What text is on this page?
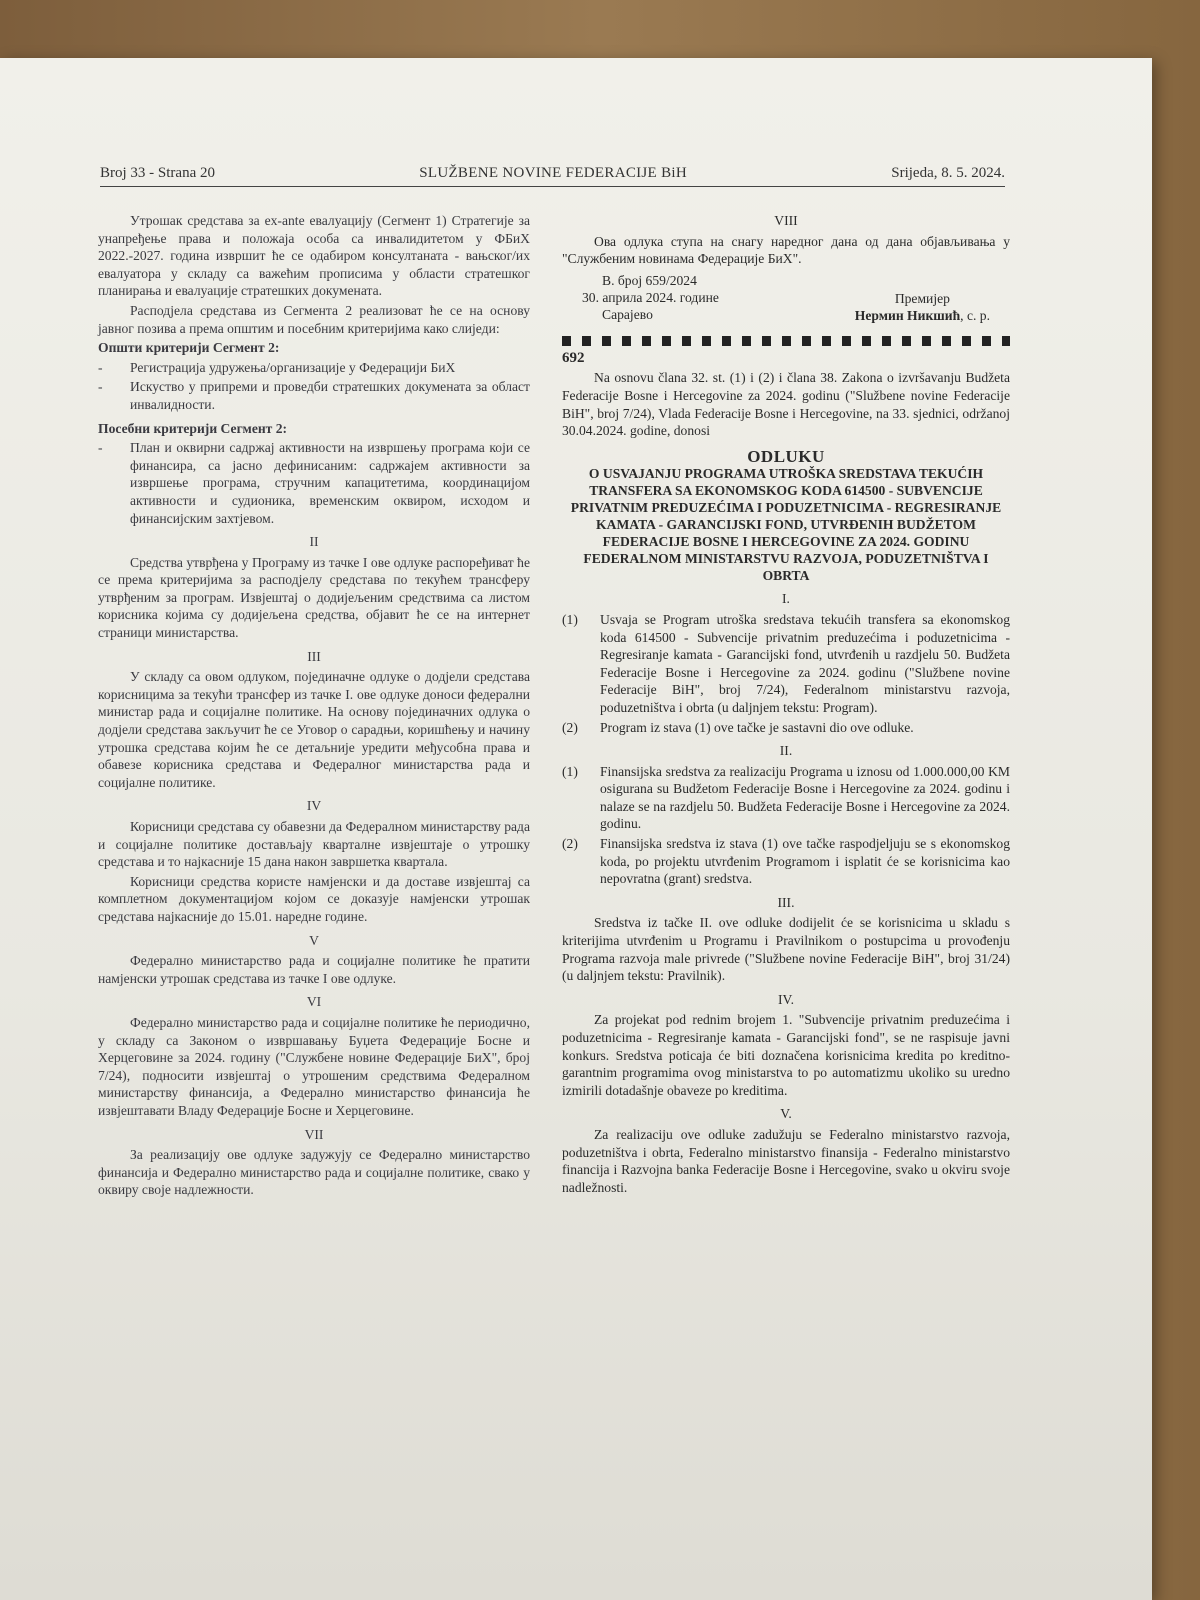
Broj 33 - Strana 20	SLUŽBENE NOVINE FEDERACIJE BiH	Srijeda, 8. 5. 2024.

Утрошак средстава за ex-ante евалуацију (Сегмент 1) Стратегије за унапређење права и положаја особа са инвалидитетом у ФБиХ 2022.-2027. година извршит ће се одабиром консултаната - вањског/их евалуатора у складу са важећим прописима у области стратешког планирања и евалуације стратешких докумената.

Расподјела средстава из Сегмента 2 реализоват ће се на основу јавног позива а према општим и посебним критеријима како слиједи:

Општи критерији Сегмент 2:

-	Регистрација удружења/организације у Федерацији БиХ
-	Искуство у припреми и проведби стратешких докумената за област инвалидности.

Посебни критерији Сегмент 2:

-	План и оквирни садржај активности на извршењу програма који се финансира, са јасно дефинисаним: садржајем активности за извршење програма, стручним капацитетима, координацијом активности и судионика, временским оквиром, исходом и финансијским захтјевом.
II

Средства утврђена у Програму из тачке I ове одлуке распоређиват ће се према критеријима за расподјелу средстава по текућем трансферу утврђеним за програм. Извјештај о додијељеним средствима са листом корисника којима су додијељена средства, објавит ће се на интернет страници министарства.

III

У складу са овом одлуком, појединачне одлуке о додјели средстава корисницима за текући трансфер из тачке I. ове одлуке доноси федерални министар рада и социјалне политике. На основу појединачних одлука о додјели средстава закључит ће се Уговор о сарадњи, коришћењу и начину утрошка средстава којим ће се детаљније уредити међусобна права и обавезе корисника средстава и Федералног министарства рада и социјалне политике.

IV

Корисници средстава су обавезни да Федералном министарству рада и социјалне политике достављају кварталне извјештаје о утрошку средстава и то најкасније 15 дана након завршетка квартала.

Корисници средства користе намјенски и да доставе извјештај са комплетном документацијом којом се доказује намјенски утрошак средстава најкасније до 15.01. наредне године.

V

Федерално министарство рада и социјалне политике ће пратити намјенски утрошак средстава из тачке I ове одлуке.

VI

Федерално министарство рада и социјалне политике ће периодично, у складу са Законом о извршавању Буџета Федерације Босне и Херцеговине за 2024. годину ("Службене новине Федерације БиХ", број 7/24), подносити извјештај о утрошеним средствима Федералном министарству финансија, а Федерално министарство финансија ће извјештавати Владу Федерације Босне и Херцеговине.

VII

За реализацију ове одлуке задужују се Федерално министарство финансија и Федерално министарство рада и социјалне политике, свако у оквиру своје надлежности.

VIII

Ова одлука ступа на снагу наредног дана од дана објављивања у "Службеним новинама Федерације БиХ".

В. број 659/2024
30. априла 2024. године
Сарајево
Премијер
Нермин Никшић, с. р.
692

Na osnovu člana 32. st. (1) i (2) i člana 38. Zakona o izvršavanju Budžeta Federacije Bosne i Hercegovine za 2024. godinu ("Službene novine Federacije BiH", broj 7/24), Vlada Federacije Bosne i Hercegovine, na 33. sjednici, održanoj 30.04.2024. godine, donosi

ODLUKU
O USVAJANJU PROGRAMA UTROŠKA SREDSTAVA TEKUĆIH TRANSFERA SA EKONOMSKOG KODA 614500 - SUBVENCIJE PRIVATNIM PREDUZEĆIMA I PODUZETNICIMA - REGRESIRANJE KAMATA - GARANCIJSKI FOND, UTVRĐENIH BUDŽETOM FEDERACIJE BOSNE I HERCEGOVINE ZA 2024. GODINU FEDERALNOM MINISTARSTVU RAZVOJA, PODUZETNIŠTVA I OBRTA
I.
(1)	Usvaja se Program utroška sredstava tekućih transfera sa ekonomskog koda 614500 - Subvencije privatnim preduzećima i poduzetnicima - Regresiranje kamata - Garancijski fond, utvrđenih u razdjelu 50. Budžeta Federacije Bosne i Hercegovine za 2024. godinu ("Službene novine Federacije BiH", broj 7/24), Federalnom ministarstvu razvoja, poduzetništva i obrta (u daljnjem tekstu: Program).
(2)	Program iz stava (1) ove tačke je sastavni dio ove odluke.
II.
(1)	Finansijska sredstva za realizaciju Programa u iznosu od 1.000.000,00 KM osigurana su Budžetom Federacije Bosne i Hercegovine za 2024. godinu i nalaze se na razdjelu 50. Budžeta Federacije Bosne i Hercegovine za 2024. godinu.
(2)	Finansijska sredstva iz stava (1) ove tačke raspodjeljuju se s ekonomskog koda, po projektu utvrđenim Programom i isplatit će se korisnicima kao nepovratna (grant) sredstva.
III.

Sredstva iz tačke II. ove odluke dodijelit će se korisnicima u skladu s kriterijima utvrđenim u Programu i Pravilnikom o postupcima u provođenju Programa razvoja male privrede ("Službene novine Federacije BiH", broj 31/24) (u daljnjem tekstu: Pravilnik).

IV.

Za projekat pod rednim brojem 1. "Subvencije privatnim preduzećima i poduzetnicima - Regresiranje kamata - Garancijski fond", se ne raspisuje javni konkurs. Sredstva poticaja će biti doznačena korisnicima kredita po kreditno-garantnim programima ovog ministarstva to po automatizmu ukoliko su uredno izmirili dotadašnje obaveze po kreditima.

V.

Za realizaciju ove odluke zadužuju se Federalno ministarstvo razvoja, poduzetništva i obrta, Federalno ministarstvo finansija - Federalno ministarstvo financija i Razvojna banka Federacije Bosne i Hercegovine, svako u okviru svoje nadležnosti.
